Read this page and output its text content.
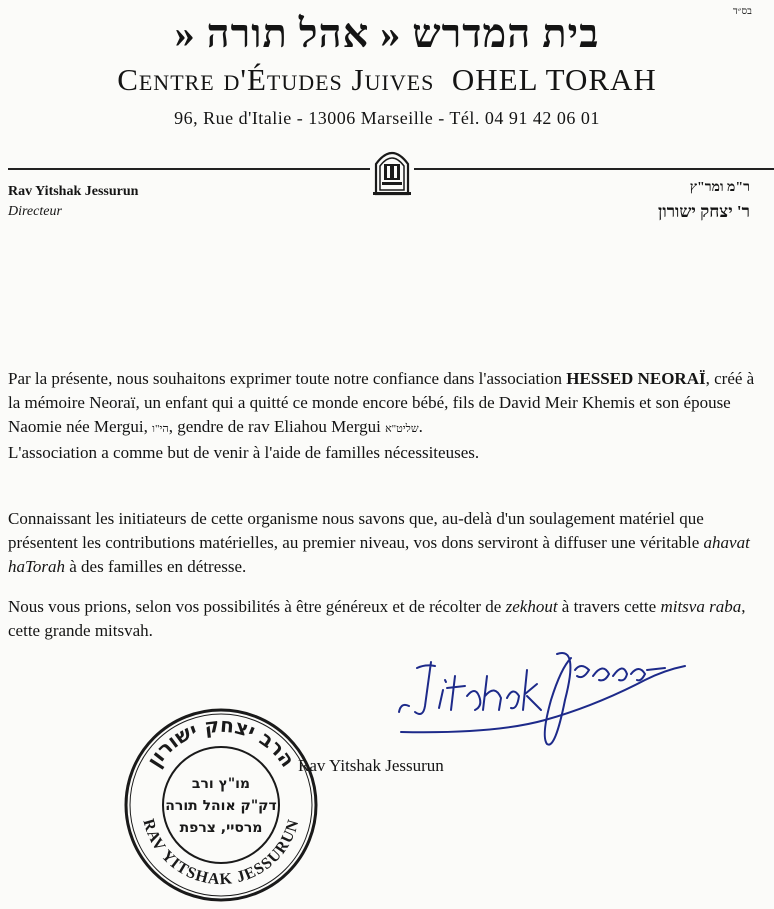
בס״ד
בית המדרש « אהל תורה «
Centre d'Études Juives OHEL TORAH
96, Rue d'Italie - 13006 Marseille - Tél. 04 91 42 06 01
Rav Yitshak Jessurun
Directeur
ר"מ ומר"ץ
ר' יצחק ישורון
Par la présente, nous souhaitons exprimer toute notre confiance dans l'association HESSED NEORAÏ, créé à la mémoire Neoraï, un enfant qui a quitté ce monde encore bébé, fils de David Meir Khemis et son épouse Naomie née Mergui, הי"ו, gendre de rav Eliahou Mergui שליט"א.
L'association a comme but de venir à l'aide de familles nécessiteuses.
Connaissant les initiateurs de cette organisme nous savons que, au-delà d'un soulagement matériel que présentent les contributions matérielles, au premier niveau, vos dons serviront à diffuser une véritable ahavat haTorah à des familles en détresse.
Nous vous prions, selon vos possibilités à être généreux et de récolter de zekhout à travers cette mitsva raba, cette grande mitsvah.
Rav Yitshak Jessurun
הרב יצחק ישורון
RAV YITSHAK JESSURUN
מו"ץ ורב
דק"ק אוהל תורה
מרסיי, צרפת
